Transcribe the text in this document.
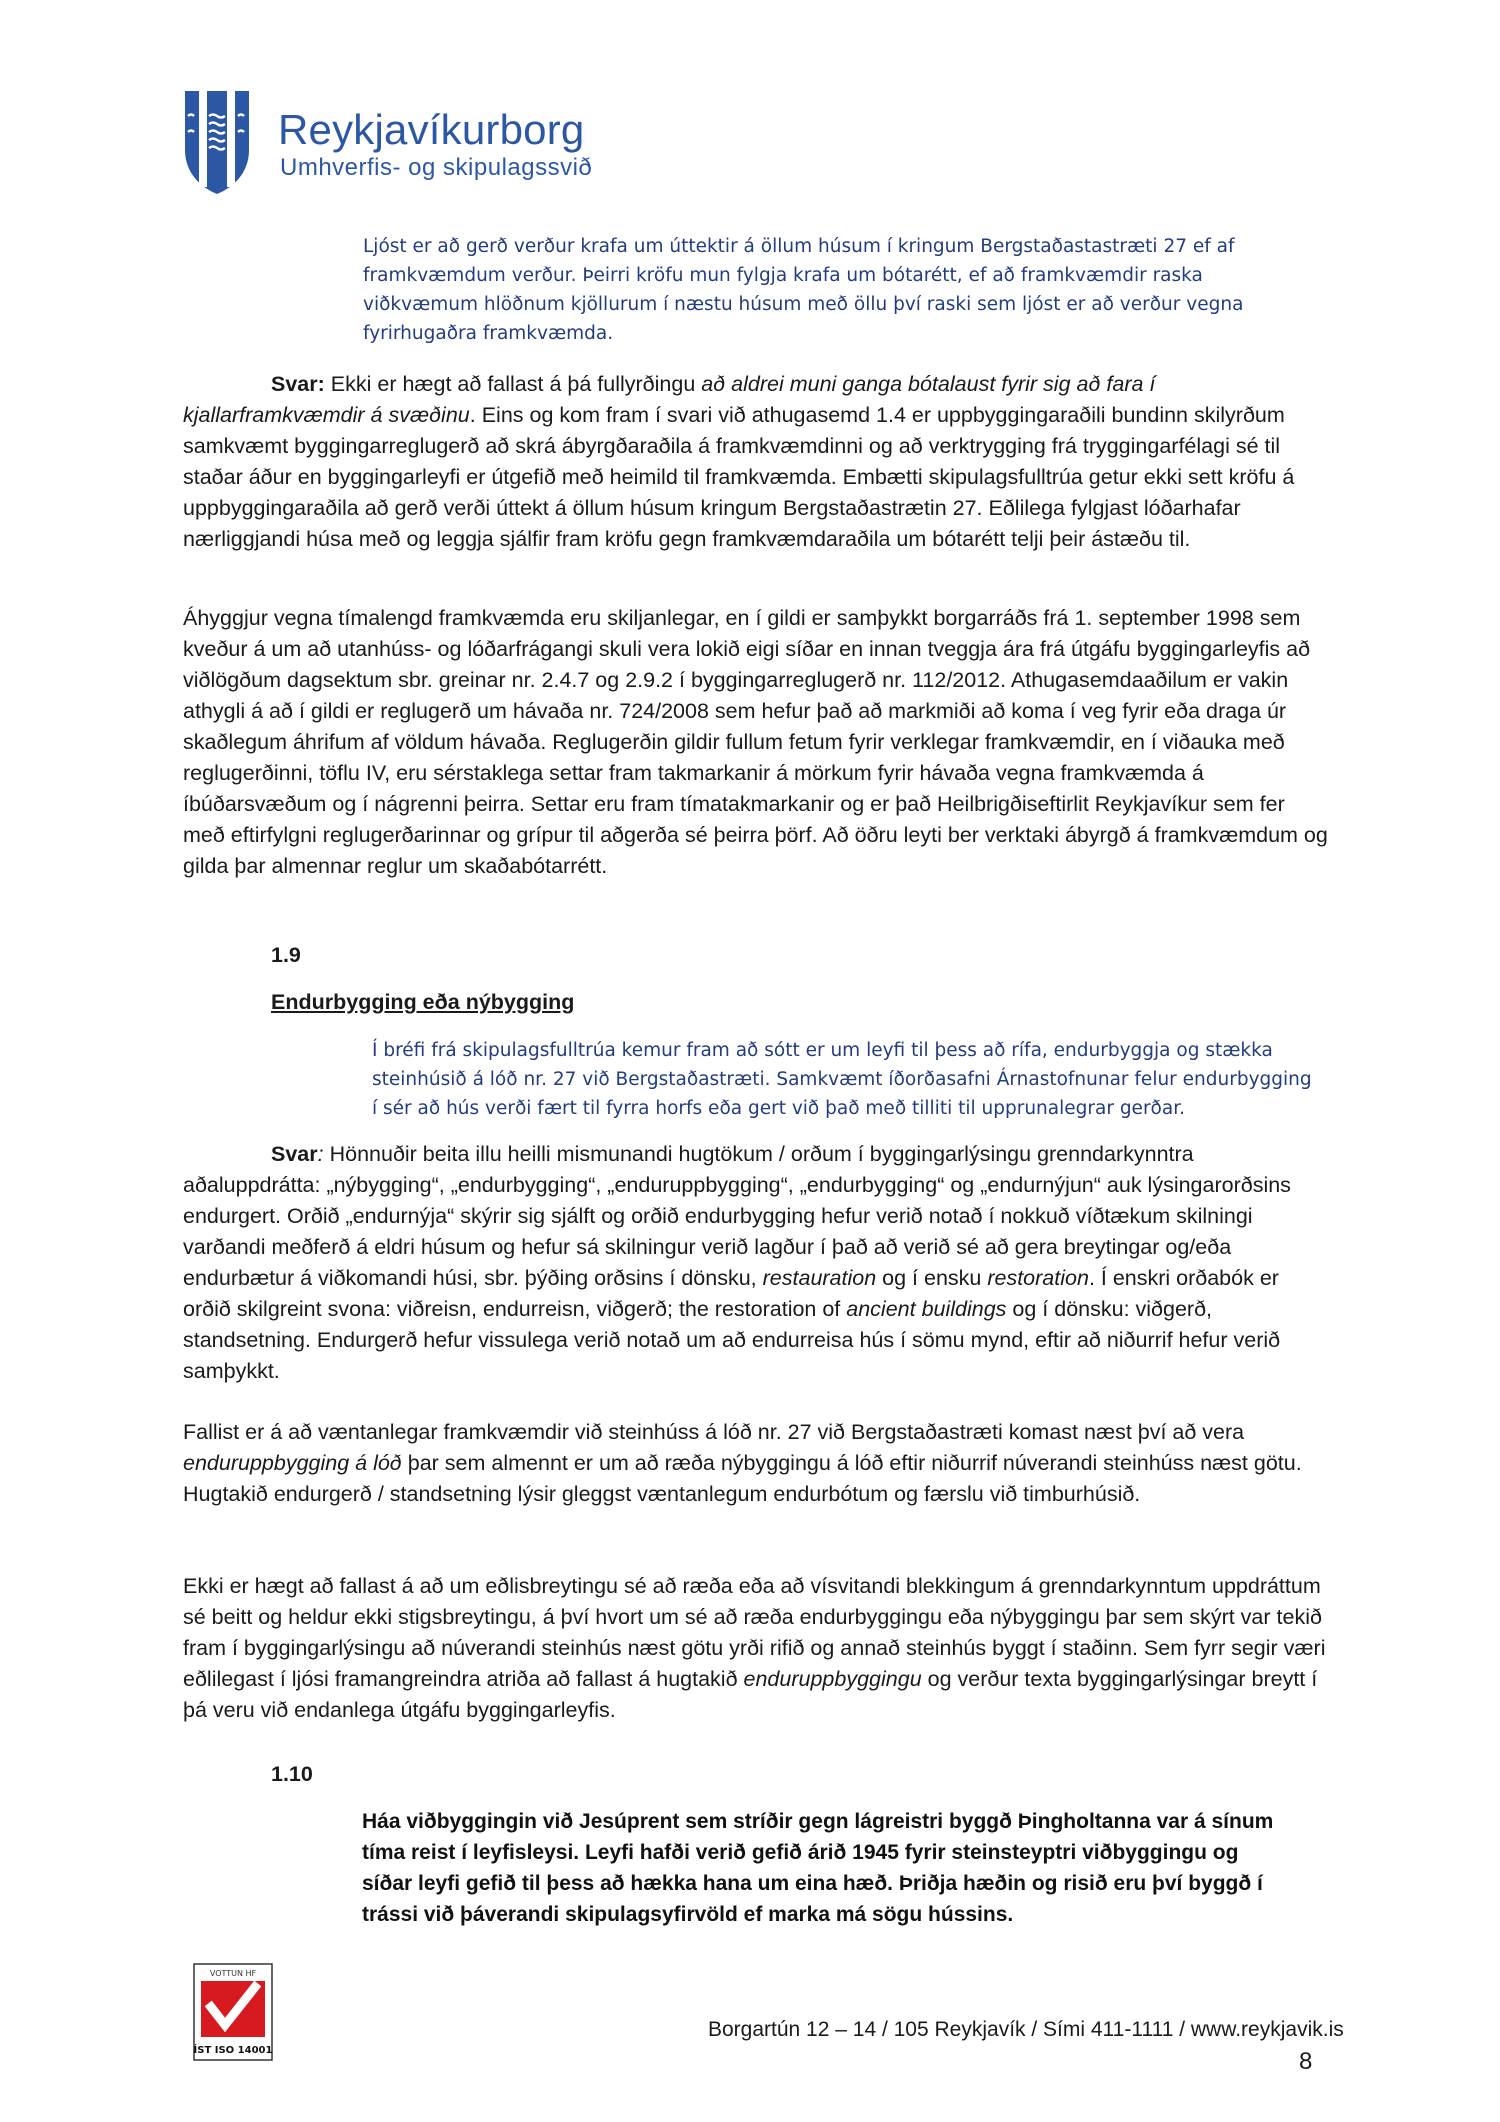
Reykjavíkurborg
Umhverfis- og skipulagssvið
Ljóst er að gerð verður krafa um úttektir á öllum húsum í kringum Bergstaðastastræti 27 ef af
framkvæmdum verður. Þeirri kröfu mun fylgja krafa um bótarétt, ef að framkvæmdir raska
viðkvæmum hlöðnum kjöllurum í næstu húsum með öllu því raski sem ljóst er að verður vegna
fyrirhugaðra framkvæmda.

Svar: Ekki er hægt að fallast á þá fullyrðingu að aldrei muni ganga bótalaust fyrir sig að fara í kjallarframkvæmdir á svæðinu. Eins og kom fram í svari við athugasemd 1.4 er uppbyggingaraðili bundinn skilyrðum samkvæmt byggingarreglugerð að skrá ábyrgðaraðila á framkvæmdinni og að verktrygging frá tryggingarfélagi sé til staðar áður en byggingarleyfi er útgefið með heimild til framkvæmda. Embætti skipulagsfulltrúa getur ekki sett kröfu á uppbyggingaraðila að gerð verði úttekt á öllum húsum kringum Bergstaðastrætin 27. Eðlilega fylgjast lóðarhafar nærliggjandi húsa með og leggja sjálfir fram kröfu gegn framkvæmdaraðila um bótarétt telji þeir ástæðu til.

Áhyggjur vegna tímalengd framkvæmda eru skiljanlegar, en í gildi er samþykkt borgarráðs frá 1. september 1998 sem kveður á um að utanhúss- og lóðarfrágangi skuli vera lokið eigi síðar en innan tveggja ára frá útgáfu byggingarleyfis að viðlögðum dagsektum sbr. greinar nr. 2.4.7 og 2.9.2 í byggingarreglugerð nr. 112/2012. Athugasemdaaðilum er vakin athygli á að í gildi er reglugerð um hávaða nr. 724/2008 sem hefur það að markmiði að koma í veg fyrir eða draga úr skaðlegum áhrifum af völdum hávaða. Reglugerðin gildir fullum fetum fyrir verklegar framkvæmdir, en í viðauka með reglugerðinni, töflu IV, eru sérstaklega settar fram takmarkanir á mörkum fyrir hávaða vegna framkvæmda á íbúðarsvæðum og í nágrenni þeirra. Settar eru fram tímatakmarkanir og er það Heilbrigðiseftirlit Reykjavíkur sem fer með eftirfylgni reglugerðarinnar og grípur til aðgerða sé þeirra þörf. Að öðru leyti ber verktaki ábyrgð á framkvæmdum og gilda þar almennar reglur um skaðabótarrétt.

1.9
Endurbygging eða nýbygging
Í bréfi frá skipulagsfulltrúa kemur fram að sótt er um leyfi til þess að rífa, endurbyggja og stækka
steinhúsið á lóð nr. 27 við Bergstaðastræti. Samkvæmt íðorðasafni Árnastofnunar felur endurbygging
í sér að hús verði fært til fyrra horfs eða gert við það með tilliti til upprunalegrar gerðar.

Svar: Hönnuðir beita illu heilli mismunandi hugtökum / orðum í byggingarlýsingu grenndarkynntra aðaluppdrátta: „nýbygging“, „endurbygging“, „enduruppbygging“, „endurbygging“ og „endurnýjun“ auk lýsingarorðsins endurgert. Orðið „endurnýja“ skýrir sig sjálft og orðið endurbygging hefur verið notað í nokkuð víðtækum skilningi varðandi meðferð á eldri húsum og hefur sá skilningur verið lagður í það að verið sé að gera breytingar og/eða endurbætur á viðkomandi húsi, sbr. þýðing orðsins í dönsku, restauration og í ensku restoration. Í enskri orðabók er orðið skilgreint svona: viðreisn, endurreisn, viðgerð; the restoration of ancient buildings og í dönsku: viðgerð, standsetning. Endurgerð hefur vissulega verið notað um að endurreisa hús í sömu mynd, eftir að niðurrif hefur verið samþykkt.

Fallist er á að væntanlegar framkvæmdir við steinhúss á lóð nr. 27 við Bergstaðastræti komast næst því að vera enduruppbygging á lóð þar sem almennt er um að ræða nýbyggingu á lóð eftir niðurrif núverandi steinhúss næst götu. Hugtakið endurgerð / standsetning lýsir gleggst væntanlegum endurbótum og færslu við timburhúsið.

Ekki er hægt að fallast á að um eðlisbreytingu sé að ræða eða að vísvitandi blekkingum á grenndarkynntum uppdráttum sé beitt og heldur ekki stigsbreytingu, á því hvort um sé að ræða endurbyggingu eða nýbyggingu þar sem skýrt var tekið fram í byggingarlýsingu að núverandi steinhús næst götu yrði rifið og annað steinhús byggt í staðinn. Sem fyrr segir væri eðlilegast í ljósi framangreindra atriða að fallast á hugtakið enduruppbyggingu og verður texta byggingarlýsingar breytt í þá veru við endanlega útgáfu byggingarleyfis.

1.10
Háa viðbyggingin við Jesúprent sem stríðir gegn lágreistri byggð Þingholtanna var á sínum
tíma reist í leyfisleysi. Leyfi hafði verið gefið árið 1945 fyrir steinsteyptri viðbyggingu og
síðar leyfi gefið til þess að hækka hana um eina hæð. Þriðja hæðin og risið eru því byggð í
trássi við þáverandi skipulagsyfirvöld ef marka má sögu hússins.
VOTTUN HF
ÍST ISO 14001
Borgartún 12 – 14 / 105 Reykjavík / Sími 411-1111 / www.reykjavik.is
8
